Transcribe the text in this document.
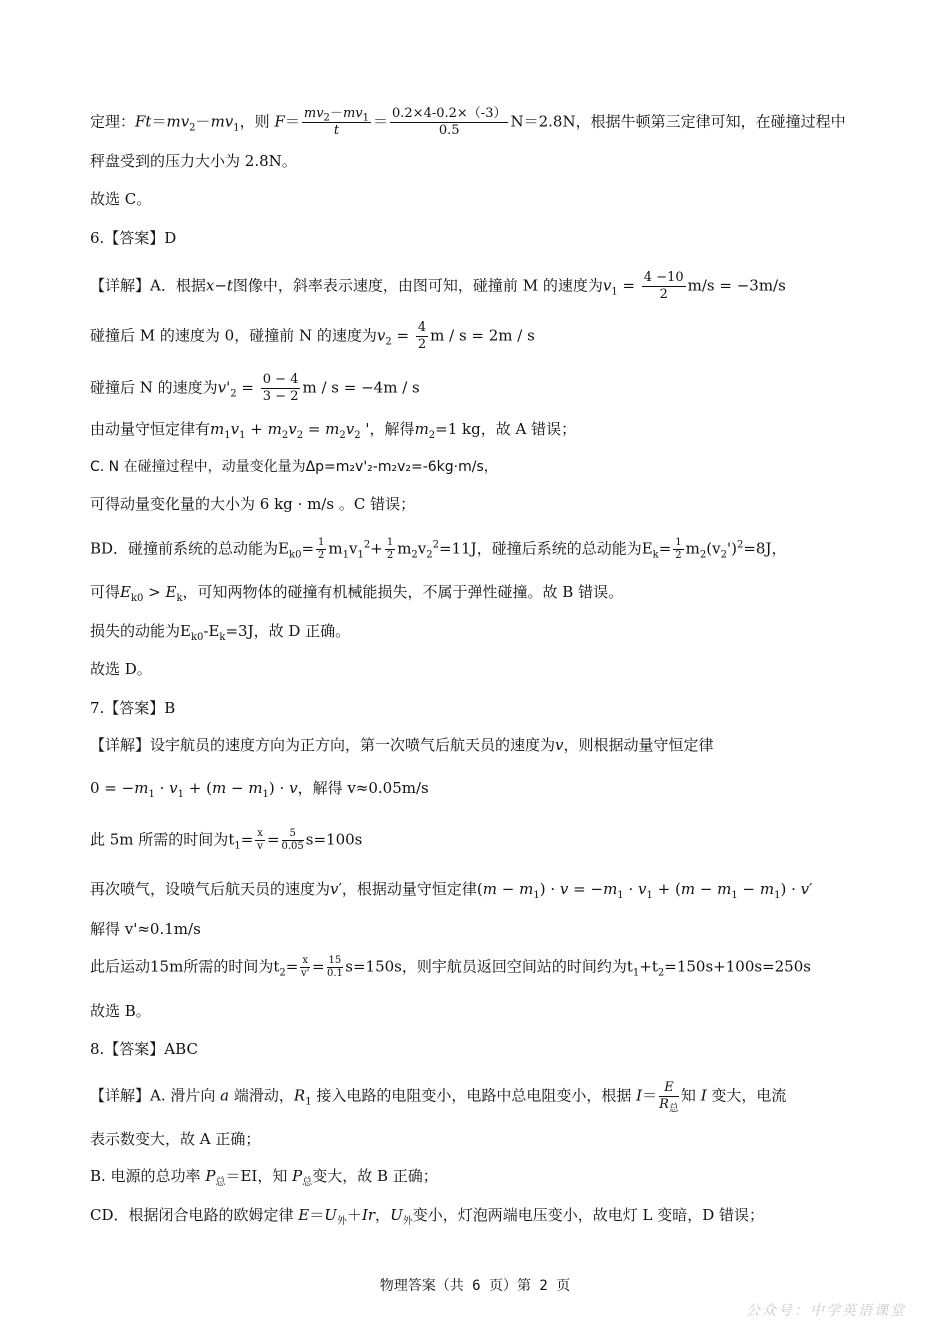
定理：$Ft=mv_2-mv_1$，则 $F= \frac{mv_2-mv_1}{t} = \frac{0.2\times 4-0.2\times(-3)}{0.5} N=2.8N$，根据牛顿第三定律可知，在碰撞过程中
秤盘受到的压力大小为 2.8N。
故选 C。
6.【答案】D
【详解】A．根据x−t图像中，斜率表示速度，由图可知，碰撞前 M 的速度为$v_1 = \frac{4 -10}{2} m/s = -3m/s$
碰撞后 M 的速度为 0，碰撞前 N 的速度为$v_2 = \frac{4}{2}$ m / s = 2m / s
碰撞后 N 的速度为$v'_2 = \frac{0 - 4}{3 - 2}$ m / s = −4m / s
由动量守恒定律有$m_1v_1 + m_2v_2 = m_2v_2$ '，解得$m_2=1$ kg，故 A 错误；
C. N 在碰撞过程中，动量变化量为Δp=m₂v'₂-m₂v₂=-6kg·m/s，
可得动量变化量的大小为 6 kg · m/s 。C 错误；
BD．碰撞前系统的总动能为$E_{k0}= \frac{1}{2} m_1v_1^2+ \frac{1}{2} m_2v_2^2=11J$，碰撞后系统的总动能为$E_k= \frac{1}{2} m_2(v_2')^2=8J$，
可得$E_{k0} > E_k$，可知两物体的碰撞有机械能损失，不属于弹性碰撞。故 B 错误。
损失的动能为$E_{k0}-E_k=3J$，故 D 正确。
故选 D。
7.【答案】B
【详解】设宇航员的速度方向为正方向，第一次喷气后航天员的速度为v，则根据动量守恒定律
$0 = -m_1 \cdot v_1 + (m - m_1) \cdot v$，解得 v≈0.05m/s
此 5m 所需的时间为$t_1= \frac{x}{v} = \frac{5}{0.05} s=100s$
再次喷气，设喷气后航天员的速度为v′，根据动量守恒定律$(m - m_1) \cdot v = -m_1 \cdot v_1 + (m - m_1 - m_1) \cdot v'$
解得 v'≈0.1m/s
此后运动15m所需的时间为$t_2= \frac{x}{v'} = \frac{15}{0.1} s=150s$，则宇航员返回空间站的时间约为$t_1+t_2=150s+100s=250s$
故选 B。
8.【答案】ABC
【详解】A. 滑片向 a 端滑动，$R_1$ 接入电路的电阻变小，电路中总电阻变小，根据 $I= \frac{E}{R_总}$ 知 I 变大，电流
表示数变大，故 A 正确；
B. 电源的总功率 $P_总=EI$，知 $P_总$变大，故 B 正确；
CD．根据闭合电路的欧姆定律 $E=U_外+Ir$，$U_外$变小，灯泡两端电压变小，故电灯 L 变暗，D 错误；
物理答案（共 6 页）第 2 页
公众号：中学英语课堂
